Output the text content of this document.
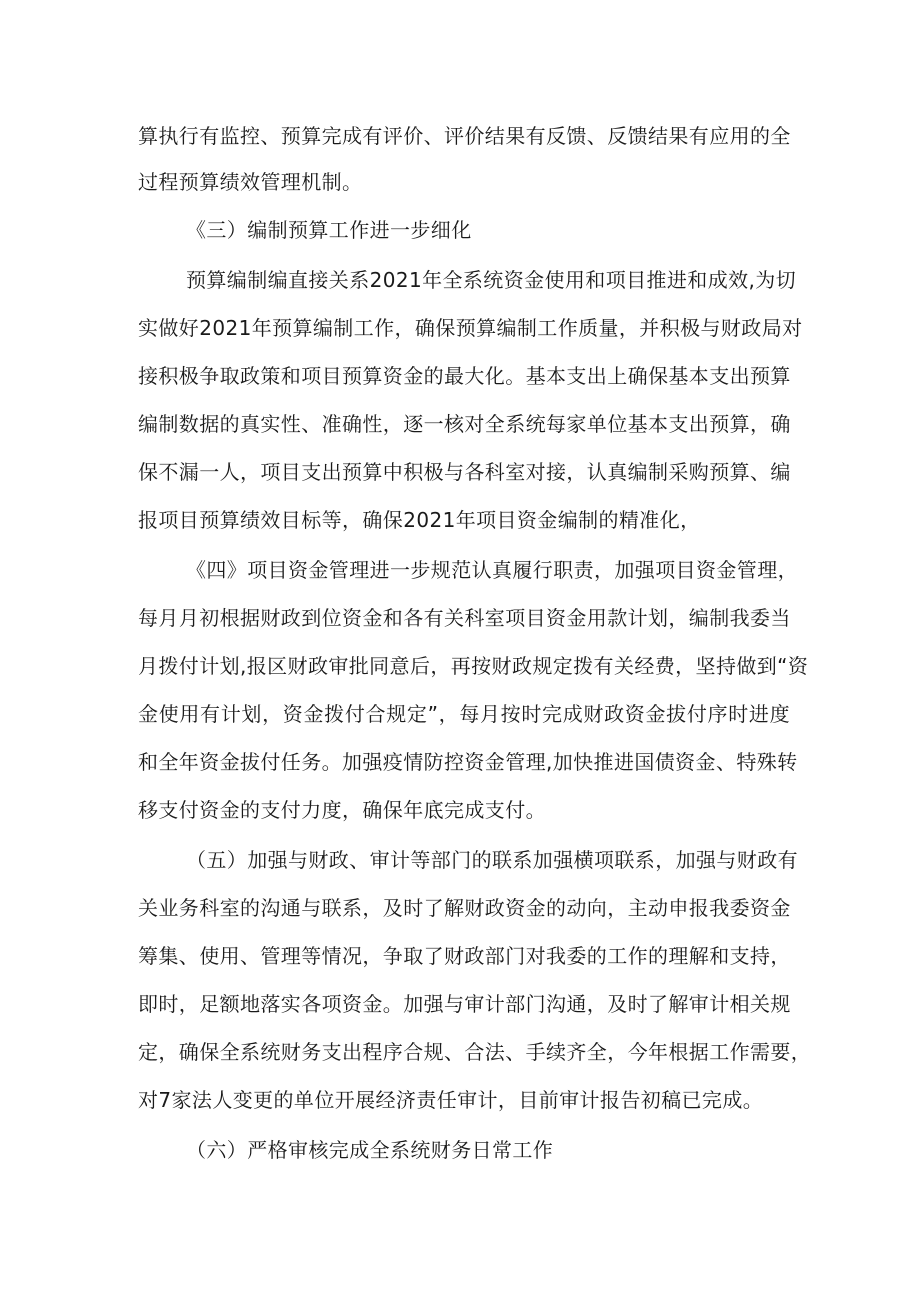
算执行有监控、预算完成有评价、评价结果有反馈、反馈结果有应用的全
过程预算绩效管理机制。
《三）编制预算工作进一步细化
预算编制编直接关系2021年全系统资金使用和项目推进和成效,为切
实做好2021年预算编制工作，确保预算编制工作质量，并积极与财政局对
接积极争取政策和项目预算资金的最大化。基本支出上确保基本支出预算
编制数据的真实性、准确性，逐一核对全系统每家单位基本支出预算，确
保不漏一人，项目支出预算中积极与各科室对接，认真编制采购预算、编
报项目预算绩效目标等，确保2021年项目资金编制的精准化，
《四》项目资金管理进一步规范认真履行职责，加强项目资金管理，
每月月初根据财政到位资金和各有关科室项目资金用款计划，编制我委当
月拨付计划,报区财政审批同意后，再按财政规定拨有关经费，坚持做到“资
金使用有计划，资金拨付合规定”，每月按时完成财政资金拔付序时进度
和全年资金拔付任务。加强疫情防控资金管理,加快推进国债资金、特殊转
移支付资金的支付力度，确保年底完成支付。
（五）加强与财政、审计等部门的联系加强横项联系，加强与财政有
关业务科室的沟通与联系，及时了解财政资金的动向，主动申报我委资金
筹集、使用、管理等情况，争取了财政部门对我委的工作的理解和支持，
即时，足额地落实各项资金。加强与审计部门沟通，及时了解审计相关规
定，确保全系统财务支出程序合规、合法、手续齐全，今年根据工作需要，
对7家法人变更的单位开展经济责任审计，目前审计报告初稿已完成。
（六）严格审核完成全系统财务日常工作
